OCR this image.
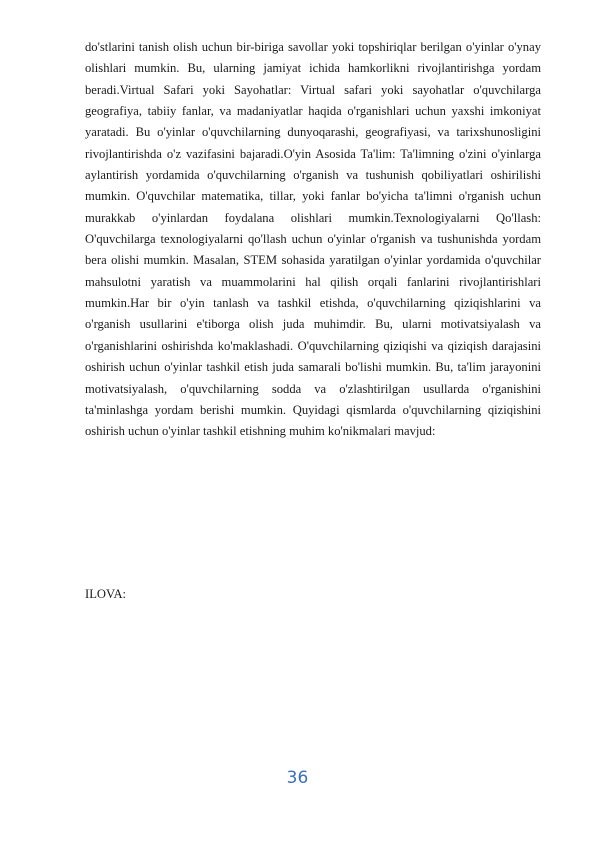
do'stlarini tanish olish uchun bir-biriga savollar yoki topshiriqlar berilgan o'yinlar o'ynay olishlari mumkin. Bu, ularning jamiyat ichida hamkorlikni rivojlantirishga yordam beradi.Virtual Safari yoki Sayohatlar: Virtual safari yoki sayohatlar o'quvchilarga geografiya, tabiiy fanlar, va madaniyatlar haqida o'rganishlari uchun yaxshi imkoniyat yaratadi. Bu o'yinlar o'quvchilarning dunyoqarashi, geografiyasi, va tarixshunosligini rivojlantirishda o'z vazifasini bajaradi.O'yin Asosida Ta'lim: Ta'limning o'zini o'yinlarga aylantirish yordamida o'quvchilarning o'rganish va tushunish qobiliyatlari oshirilishi mumkin. O'quvchilar matematika, tillar, yoki fanlar bo'yicha ta'limni o'rganish uchun murakkab o'yinlardan foydalana olishlari mumkin.Texnologiyalarni Qo'llash: O'quvchilarga texnologiyalarni qo'llash uchun o'yinlar o'rganish va tushunishda yordam bera olishi mumkin. Masalan, STEM sohasida yaratilgan o'yinlar yordamida o'quvchilar mahsulotni yaratish va muammolarini hal qilish orqali fanlarini rivojlantirishlari mumkin.Har bir o'yin tanlash va tashkil etishda, o'quvchilarning qiziqishlarini va o'rganish usullarini e'tiborga olish juda muhimdir. Bu, ularni motivatsiyalash va o'rganishlarini oshirishda ko'maklashadi. O'quvchilarning qiziqishi va qiziqish darajasini oshirish uchun o'yinlar tashkil etish juda samarali bo'lishi mumkin. Bu, ta'lim jarayonini motivatsiyalash, o'quvchilarning sodda va o'zlashtirilgan usullarda o'rganishini ta'minlashga yordam berishi mumkin. Quyidagi qismlarda o'quvchilarning qiziqishini oshirish uchun o'yinlar tashkil etishning muhim ko'nikmalari mavjud:

ILOVA:

36
